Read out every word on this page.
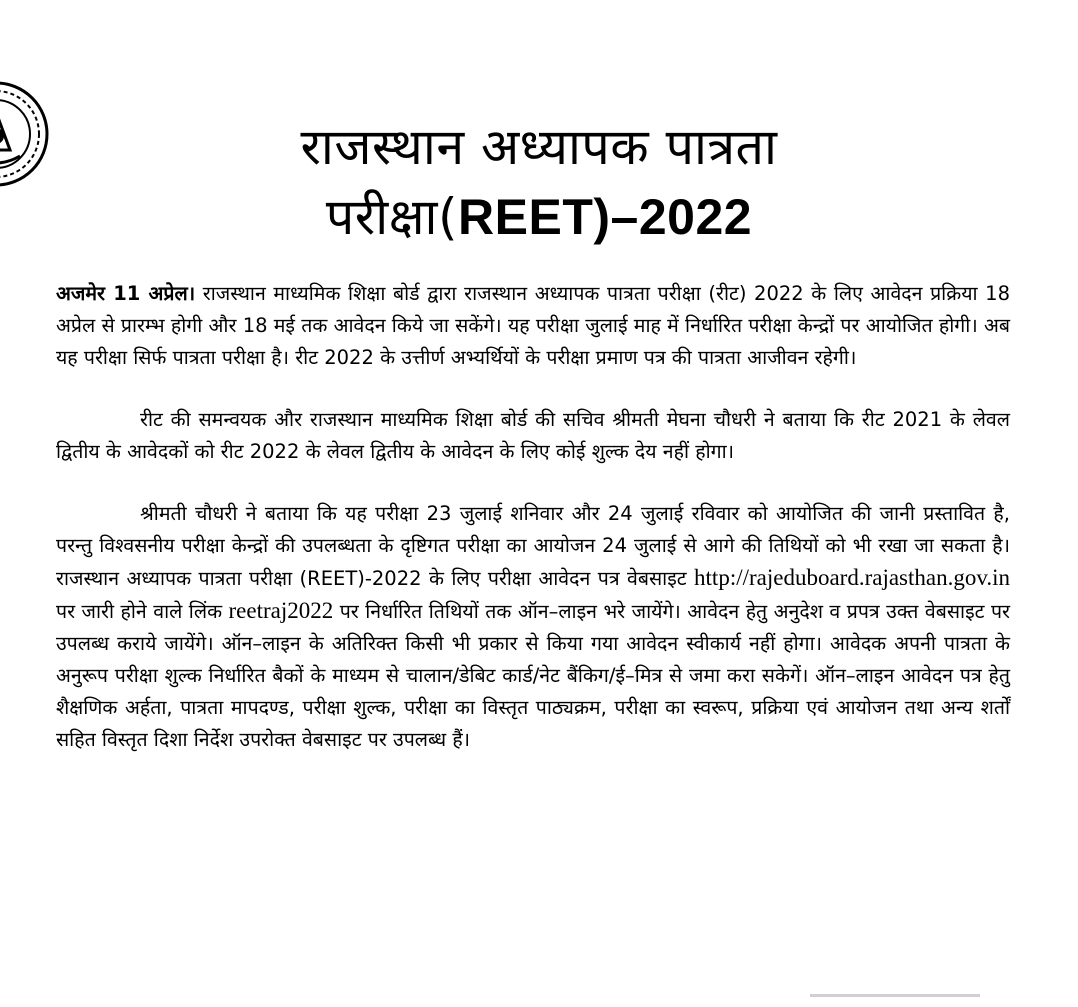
राजस्थान अध्यापक पात्रता
परीक्षा(REET)–2022

अजमेर 11 अप्रेल। राजस्थान माध्यमिक शिक्षा बोर्ड द्वारा राजस्थान अध्यापक पात्रता परीक्षा (रीट) 2022 के लिए आवेदन प्रक्रिया 18 अप्रेल से प्रारम्भ होगी और 18 मई तक आवेदन किये जा सकेंगे। यह परीक्षा जुलाई माह में निर्धारित परीक्षा केन्द्रों पर आयोजित होगी। अब यह परीक्षा सिर्फ पात्रता परीक्षा है। रीट 2022 के उत्तीर्ण अभ्यर्थियों के परीक्षा प्रमाण पत्र की पात्रता आजीवन रहेगी।

रीट की समन्वयक और राजस्थान माध्यमिक शिक्षा बोर्ड की सचिव श्रीमती मेघना चौधरी ने बताया कि रीट 2021 के लेवल द्वितीय के आवेदकों को रीट 2022 के लेवल द्वितीय के आवेदन के लिए कोई शुल्क देय नहीं होगा।

श्रीमती चौधरी ने बताया कि यह परीक्षा 23 जुलाई शनिवार और 24 जुलाई रविवार को आयोजित की जानी प्रस्तावित है, परन्तु विश्वसनीय परीक्षा केन्द्रों की उपलब्धता के दृष्टिगत परीक्षा का आयोजन 24 जुलाई से आगे की तिथियों को भी रखा जा सकता है। राजस्थान अध्यापक पात्रता परीक्षा (REET)-2022 के लिए परीक्षा आवेदन पत्र वेबसाइट http://rajeduboard.rajasthan.gov.in पर जारी होने वाले लिंक reetraj2022 पर निर्धारित तिथियों तक ऑन–लाइन भरे जायेंगे। आवेदन हेतु अनुदेश व प्रपत्र उक्त वेबसाइट पर उपलब्ध कराये जायेंगे। ऑन–लाइन के अतिरिक्त किसी भी प्रकार से किया गया आवेदन स्वीकार्य नहीं होगा। आवेदक अपनी पात्रता के अनुरूप परीक्षा शुल्क निर्धारित बैकों के माध्यम से चालान/डेबिट कार्ड/नेट बैंकिग/ई–मित्र से जमा करा सकेगें। ऑन–लाइन आवेदन पत्र हेतु शैक्षणिक अर्हता, पात्रता मापदण्ड, परीक्षा शुल्क, परीक्षा का विस्तृत पाठ्यक्रम, परीक्षा का स्वरूप, प्रक्रिया एवं आयोजन तथा अन्य शर्तों सहित विस्तृत दिशा निर्देश उपरोक्त वेबसाइट पर उपलब्ध हैं।
